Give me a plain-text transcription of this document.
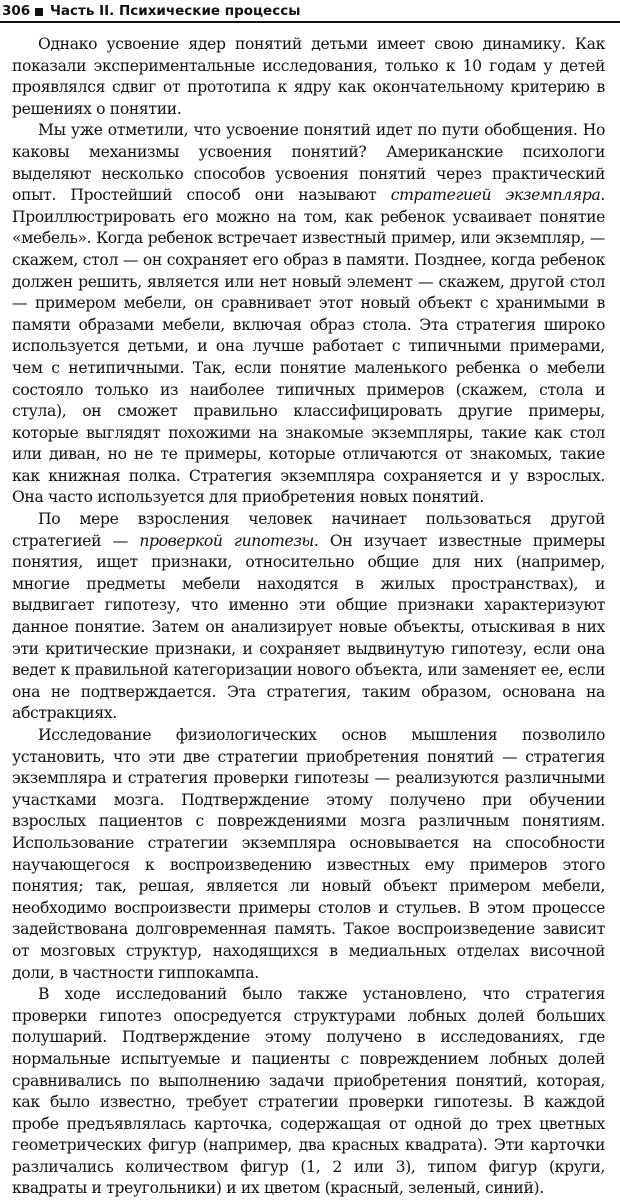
306 Часть II. Психические процессы

Однако усвоение ядер понятий детьми имеет свою динамику. Как показали экспериментальные исследования, только к 10 годам у детей проявлялся сдвиг от прототипа к ядру как окончательному критерию в решениях о понятии.

Мы уже отметили, что усвоение понятий идет по пути обобщения. Но каковы механизмы усвоения понятий? Американские психологи выделяют несколько способов усвоения понятий через практический опыт. Простейший способ они называют стратегией экземпляра. Проиллюстрировать его можно на том, как ребенок усваивает понятие «мебель». Когда ребенок встречает известный пример, или экземпляр, — скажем, стол — он сохраняет его образ в памяти. Позднее, когда ребенок должен решить, является или нет новый элемент — скажем, другой стол — примером мебели, он сравнивает этот новый объект с хранимыми в памяти образами мебели, включая образ стола. Эта стратегия широко используется детьми, и она лучше работает с типичными примерами, чем с нетипичными. Так, если понятие маленького ребенка о мебели состояло только из наиболее типичных примеров (скажем, стола и стула), он сможет правильно классифицировать другие примеры, которые выглядят похожими на знакомые экземпляры, такие как стол или диван, но не те примеры, которые отличаются от знакомых, такие как книжная полка. Стратегия экземпляра сохраняется и у взрослых. Она часто используется для приобретения новых понятий.

По мере взросления человек начинает пользоваться другой стратегией — проверкой гипотезы. Он изучает известные примеры понятия, ищет признаки, относительно общие для них (например, многие предметы мебели находятся в жилых пространствах), и выдвигает гипотезу, что именно эти общие признаки характеризуют данное понятие. Затем он анализирует новые объекты, отыскивая в них эти критические признаки, и сохраняет выдвинутую гипотезу, если она ведет к правильной категоризации нового объекта, или заменяет ее, если она не подтверждается. Эта стратегия, таким образом, основана на абстракциях.

Исследование физиологических основ мышления позволило установить, что эти две стратегии приобретения понятий — стратегия экземпляра и стратегия проверки гипотезы — реализуются различными участками мозга. Подтверждение этому получено при обучении взрослых пациентов с повреждениями мозга различным понятиям. Использование стратегии экземпляра основывается на способности научающегося к воспроизведению известных ему примеров этого понятия; так, решая, является ли новый объект примером мебели, необходимо воспроизвести примеры столов и стульев. В этом процессе задействована долговременная память. Такое воспроизведение зависит от мозговых структур, находящихся в медиальных отделах височной доли, в частности гиппокампа.

В ходе исследований было также установлено, что стратегия проверки гипотез опосредуется структурами лобных долей больших полушарий. Подтверждение этому получено в исследованиях, где нормальные испытуемые и пациенты с повреждением лобных долей сравнивались по выполнению задачи приобретения понятий, которая, как было известно, требует стратегии проверки гипотезы. В каждой пробе предъявлялась карточка, содержащая от одной до трех цветных геометрических фигур (например, два красных квадрата). Эти карточки различались количеством фигур (1, 2 или 3), типом фигур (круги, квадраты и треугольники) и их цветом (красный, зеленый, синий).
